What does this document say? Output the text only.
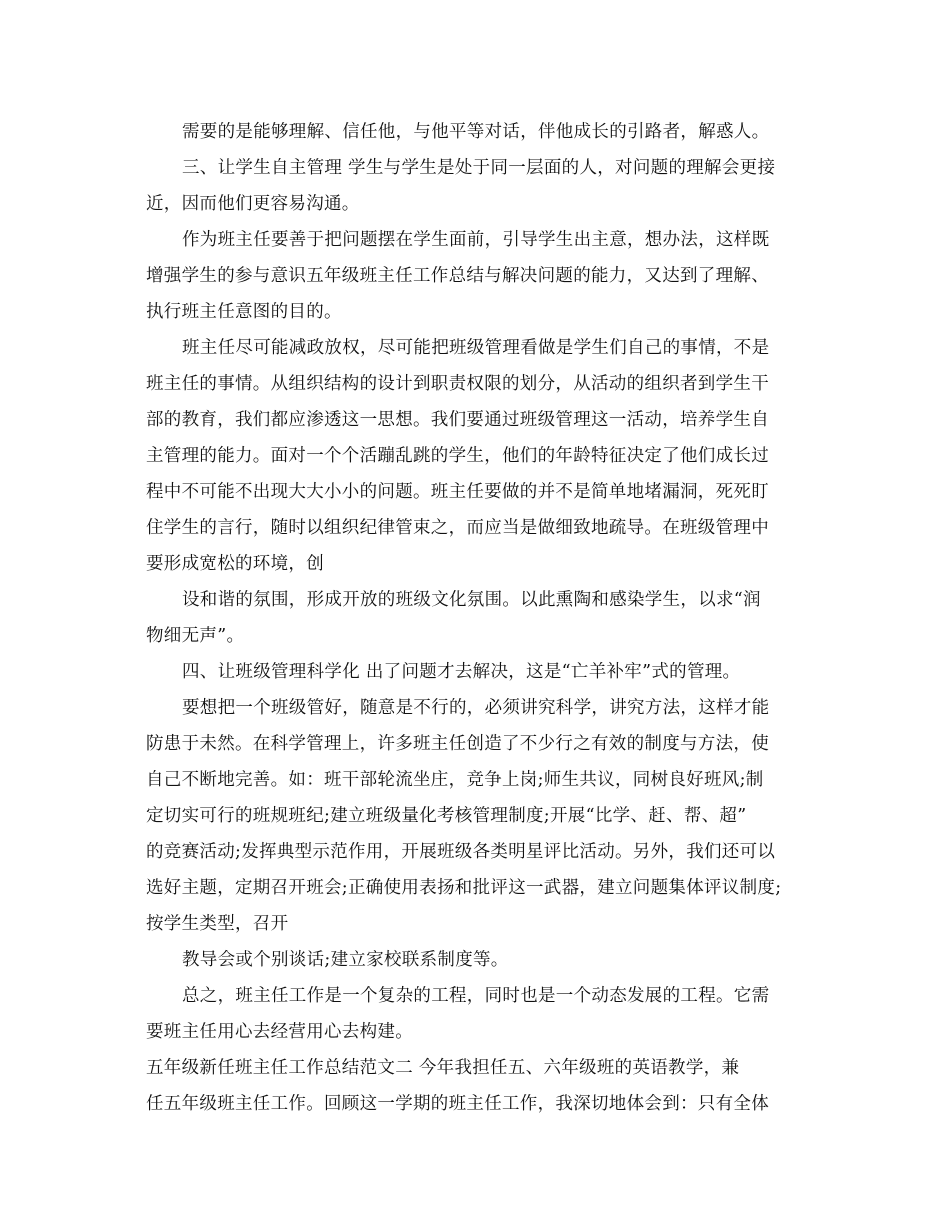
需要的是能够理解、信任他，与他平等对话，伴他成长的引路者，解惑人。
三、让学生自主管理 学生与学生是处于同一层面的人，对问题的理解会更接
近，因而他们更容易沟通。
作为班主任要善于把问题摆在学生面前，引导学生出主意，想办法，这样既
增强学生的参与意识五年级班主任工作总结与解决问题的能力，又达到了理解、
执行班主任意图的目的。
班主任尽可能减政放权，尽可能把班级管理看做是学生们自己的事情，不是
班主任的事情。从组织结构的设计到职责权限的划分，从活动的组织者到学生干
部的教育，我们都应渗透这一思想。我们要通过班级管理这一活动，培养学生自
主管理的能力。面对一个个活蹦乱跳的学生，他们的年龄特征决定了他们成长过
程中不可能不出现大大小小的问题。班主任要做的并不是简单地堵漏洞，死死盯
住学生的言行，随时以组织纪律管束之，而应当是做细致地疏导。在班级管理中
要形成宽松的环境，创
设和谐的氛围，形成开放的班级文化氛围。以此熏陶和感染学生，以求“润
物细无声”。
四、让班级管理科学化 出了问题才去解决，这是“亡羊补牢”式的管理。
要想把一个班级管好，随意是不行的，必须讲究科学，讲究方法，这样才能
防患于未然。在科学管理上，许多班主任创造了不少行之有效的制度与方法，使
自己不断地完善。如：班干部轮流坐庄，竞争上岗;师生共议，同树良好班风;制
定切实可行的班规班纪;建立班级量化考核管理制度;开展“比学、赶、帮、超”
的竞赛活动;发挥典型示范作用，开展班级各类明星评比活动。另外，我们还可以
选好主题，定期召开班会;正确使用表扬和批评这一武器，建立问题集体评议制度;
按学生类型，召开
教导会或个别谈话;建立家校联系制度等。
总之，班主任工作是一个复杂的工程，同时也是一个动态发展的工程。它需
要班主任用心去经营用心去构建。
五年级新任班主任工作总结范文二 今年我担任五、六年级班的英语教学，兼
任五年级班主任工作。回顾这一学期的班主任工作，我深切地体会到：只有全体
